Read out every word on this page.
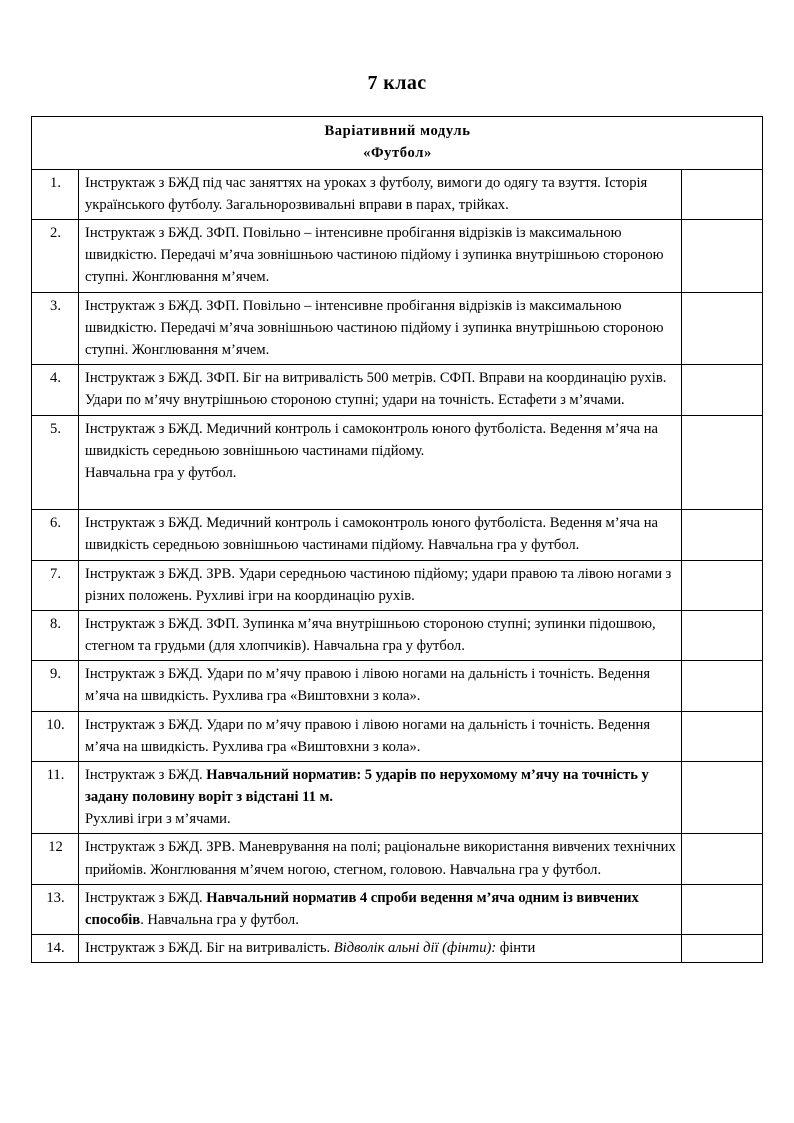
7 клас
Варіативний модуль
«Футбол»		

1.	Інструктаж з БЖД під час заняттях на уроках з футболу, вимоги до одягу та взуття. Історія українського футболу. Загальнорозвивальні вправи в парах, трійках.	
2.	Інструктаж з БЖД. ЗФП. Повільно – інтенсивне пробігання відрізків із максимальною швидкістю. Передачі м’яча зовнішньою частиною підйому і зупинка внутрішньою стороною ступні. Жонглювання м’ячем.	
3.	Інструктаж з БЖД. ЗФП. Повільно – інтенсивне пробігання відрізків із максимальною швидкістю. Передачі м’яча зовнішньою частиною підйому і зупинка внутрішньою стороною ступні. Жонглювання м’ячем.	
4.	Інструктаж з БЖД. ЗФП. Біг на витривалість 500 метрів. СФП. Вправи на координацію рухів. Удари по м’ячу внутрішньою стороною ступні; удари на точність. Естафети з м’ячами.	
5.	Інструктаж з БЖД. Медичний контроль і самоконтроль юного футболіста. Ведення м’яча на швидкість середньою зовнішньою частинами підйому.
Навчальна гра у футбол.

6.	Інструктаж з БЖД. Медичний контроль і самоконтроль юного футболіста. Ведення м’яча на швидкість середньою зовнішньою частинами підйому. Навчальна гра у футбол.	
7.	Інструктаж з БЖД. ЗРВ. Удари середньою частиною підйому; удари правою та лівою ногами з різних положень. Рухливі ігри на координацію рухів.	
8.	Інструктаж з БЖД. ЗФП. Зупинка м’яча внутрішньою стороною ступні; зупинки підошвою, стегном та грудьми (для хлопчиків). Навчальна гра у футбол.	
9.	Інструктаж з БЖД. Удари по м’ячу правою і лівою ногами на дальність і точність. Ведення м’яча на швидкість. Рухлива гра «Виштовхни з кола».	
10.	Інструктаж з БЖД. Удари по м’ячу правою і лівою ногами на дальність і точність. Ведення м’яча на швидкість. Рухлива гра «Виштовхни з кола».	
11.	Інструктаж з БЖД. Навчальний норматив: 5 ударів по нерухомому м’ячу на точність у задану половину воріт з відстані 11 м.
Рухливі ігри з м’ячами.	
12	Інструктаж з БЖД. ЗРВ. Маневрування на полі; раціональне використання вивчених технічних прийомів. Жонглювання м’ячем ногою, стегном, головою. Навчальна гра у футбол.	
13.	Інструктаж з БЖД. Навчальний норматив 4 спроби ведення м’яча одним із вивчених способів. Навчальна гра у футбол.	
14.	Інструктаж з БЖД. Біг на витривалість. Відволік альні дії (фінти): фінти	
